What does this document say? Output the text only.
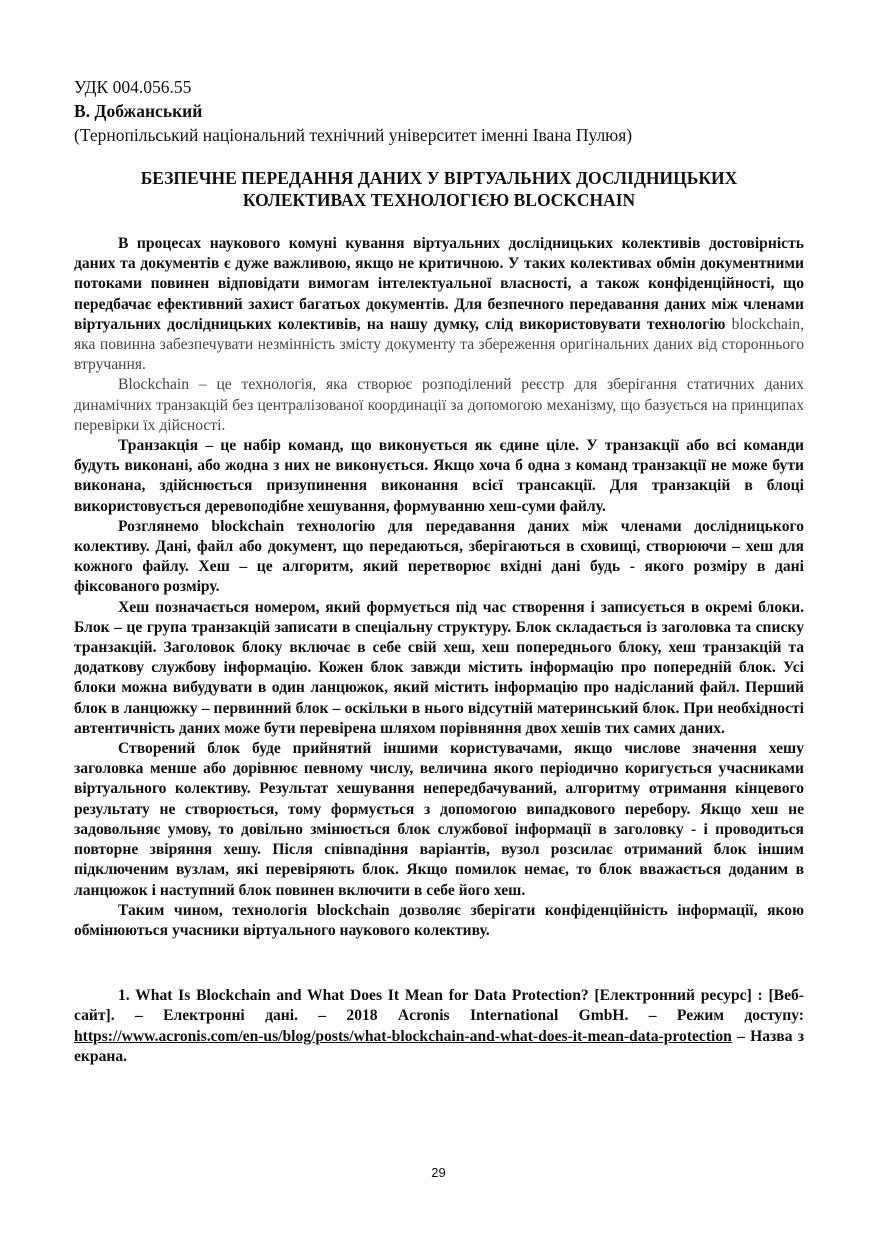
УДК 004.056.55
В. Добжанський
(Тернопільський національний технічний університет іменні Івана Пулюя)
БЕЗПЕЧНЕ ПЕРЕДАННЯ ДАНИХ У ВІРТУАЛЬНИХ ДОСЛІДНИЦЬКИХ
КОЛЕКТИВАХ ТЕХНОЛОГІЄЮ BLOCKCHAIN

В процесах наукового комуні кування віртуальних дослідницьких колективів достовірність даних та документів є дуже важливою, якщо не критичною. У таких колективах обмін документними потоками повинен відповідати вимогам інтелектуальної власності, а також конфіденційності, що передбачає ефективний захист багатьох документів. Для безпечного передавання даних між членами віртуальних дослідницьких колективів, на нашу думку, слід використовувати технологію blockchain, яка повинна забезпечувати незмінність змісту документу та збереження оригінальних даних від стороннього втручання.

Blockchain – це технологія, яка створює розподілений реєстр для зберігання статичних даних динамічних транзакцій без централізованої координації за допомогою механізму, що базується на принципах перевірки їх дійсності.

Транзакція – це набір команд, що виконується як єдине ціле. У транзакції або всі команди будуть виконані, або жодна з них не виконується. Якщо хоча б одна з команд транзакції не може бути виконана, здійснюється призупинення виконання всієї трансакції. Для транзакцій в блоці використовується деревоподібне хешування, формуванню хеш-суми файлу.

Розглянемо blockchain технологію для передавання даних між членами дослідницького колективу. Дані, файл або документ, що передаються, зберігаються в сховищі, створюючи – хеш для кожного файлу. Хеш – це алгоритм, який перетворює вхідні дані будь - якого розміру в дані фіксованого розміру.

Хеш позначається номером, який формується під час створення і записується в окремі блоки. Блок – це група транзакцій записати в спеціальну структуру. Блок складається із заголовка та списку транзакцій. Заголовок блоку включає в себе свій хеш, хеш попереднього блоку, хеш транзакцій та додаткову службову інформацію. Кожен блок завжди містить інформацію про попередній блок. Усі блоки можна вибудувати в один ланцюжок, який містить інформацію про надісланий файл. Перший блок в ланцюжку – первинний блок – оскільки в нього відсутній материнський блок. При необхідності автентичність даних може бути перевірена шляхом порівняння двох хешів тих самих даних.

Створений блок буде прийнятий іншими користувачами, якщо числове значення хешу заголовка менше або дорівнює певному числу, величина якого періодично коригується учасниками віртуального колективу. Результат хешування непередбачуваний, алгоритму отримання кінцевого результату не створюється, тому формується з допомогою випадкового перебору. Якщо хеш не задовольняє умову, то довільно змінюється блок службової інформації в заголовку - і проводиться повторне звіряння хешу. Після співпадіння варіантів, вузол розсилає отриманий блок іншим підключеним вузлам, які перевіряють блок. Якщо помилок немає, то блок вважається доданим в ланцюжок і наступний блок повинен включити в себе його хеш.

Таким чином, технологія blockchain дозволяє зберігати конфіденційність інформації, якою обмінюються учасники віртуального наукового колективу.

1. What Is Blockchain and What Does It Mean for Data Protection? [Електронний ресурс] : [Веб-сайт]. – Електронні дані. – 2018 Acronis International GmbH. – Режим доступу: https://www.acronis.com/en-us/blog/posts/what-blockchain-and-what-does-it-mean-data-protection – Назва з екрана.

29
